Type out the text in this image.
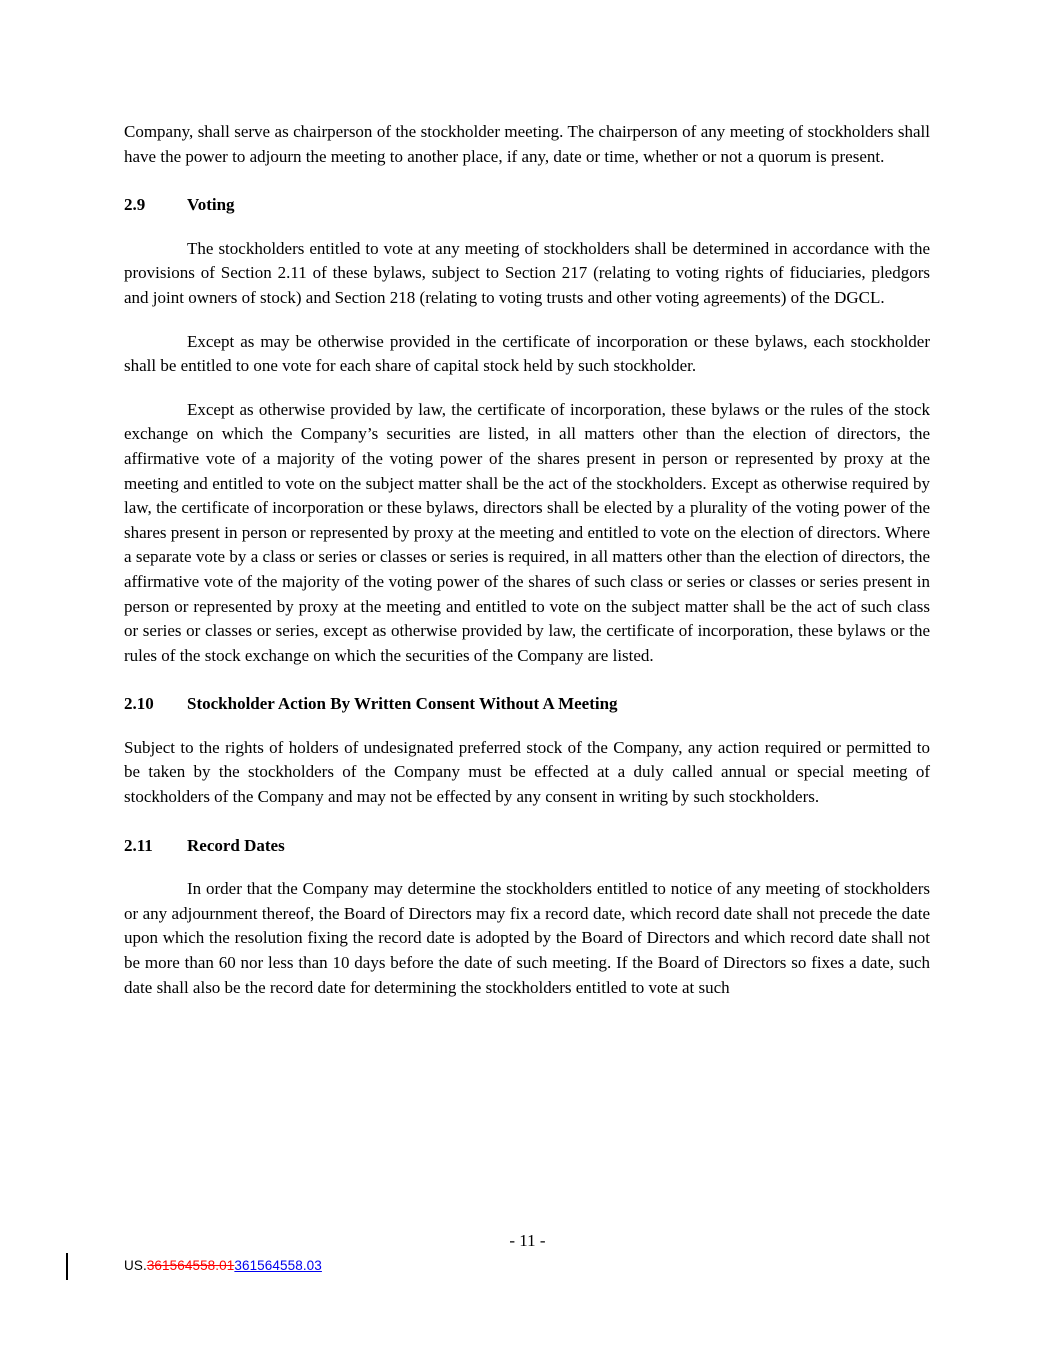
Company, shall serve as chairperson of the stockholder meeting. The chairperson of any meeting of stockholders shall have the power to adjourn the meeting to another place, if any, date or time, whether or not a quorum is present.

2.9 Voting

The stockholders entitled to vote at any meeting of stockholders shall be determined in accordance with the provisions of Section 2.11 of these bylaws, subject to Section 217 (relating to voting rights of fiduciaries, pledgors and joint owners of stock) and Section 218 (relating to voting trusts and other voting agreements) of the DGCL.

Except as may be otherwise provided in the certificate of incorporation or these bylaws, each stockholder shall be entitled to one vote for each share of capital stock held by such stockholder.

Except as otherwise provided by law, the certificate of incorporation, these bylaws or the rules of the stock exchange on which the Company’s securities are listed, in all matters other than the election of directors, the affirmative vote of a majority of the voting power of the shares present in person or represented by proxy at the meeting and entitled to vote on the subject matter shall be the act of the stockholders. Except as otherwise required by law, the certificate of incorporation or these bylaws, directors shall be elected by a plurality of the voting power of the shares present in person or represented by proxy at the meeting and entitled to vote on the election of directors. Where a separate vote by a class or series or classes or series is required, in all matters other than the election of directors, the affirmative vote of the majority of the voting power of the shares of such class or series or classes or series present in person or represented by proxy at the meeting and entitled to vote on the subject matter shall be the act of such class or series or classes or series, except as otherwise provided by law, the certificate of incorporation, these bylaws or the rules of the stock exchange on which the securities of the Company are listed.

2.10 Stockholder Action By Written Consent Without A Meeting

Subject to the rights of holders of undesignated preferred stock of the Company, any action required or permitted to be taken by the stockholders of the Company must be effected at a duly called annual or special meeting of stockholders of the Company and may not be effected by any consent in writing by such stockholders.

2.11 Record Dates

In order that the Company may determine the stockholders entitled to notice of any meeting of stockholders or any adjournment thereof, the Board of Directors may fix a record date, which record date shall not precede the date upon which the resolution fixing the record date is adopted by the Board of Directors and which record date shall not be more than 60 nor less than 10 days before the date of such meeting. If the Board of Directors so fixes a date, such date shall also be the record date for determining the stockholders entitled to vote at such

- 11 -
US.361564558.01361564558.03
